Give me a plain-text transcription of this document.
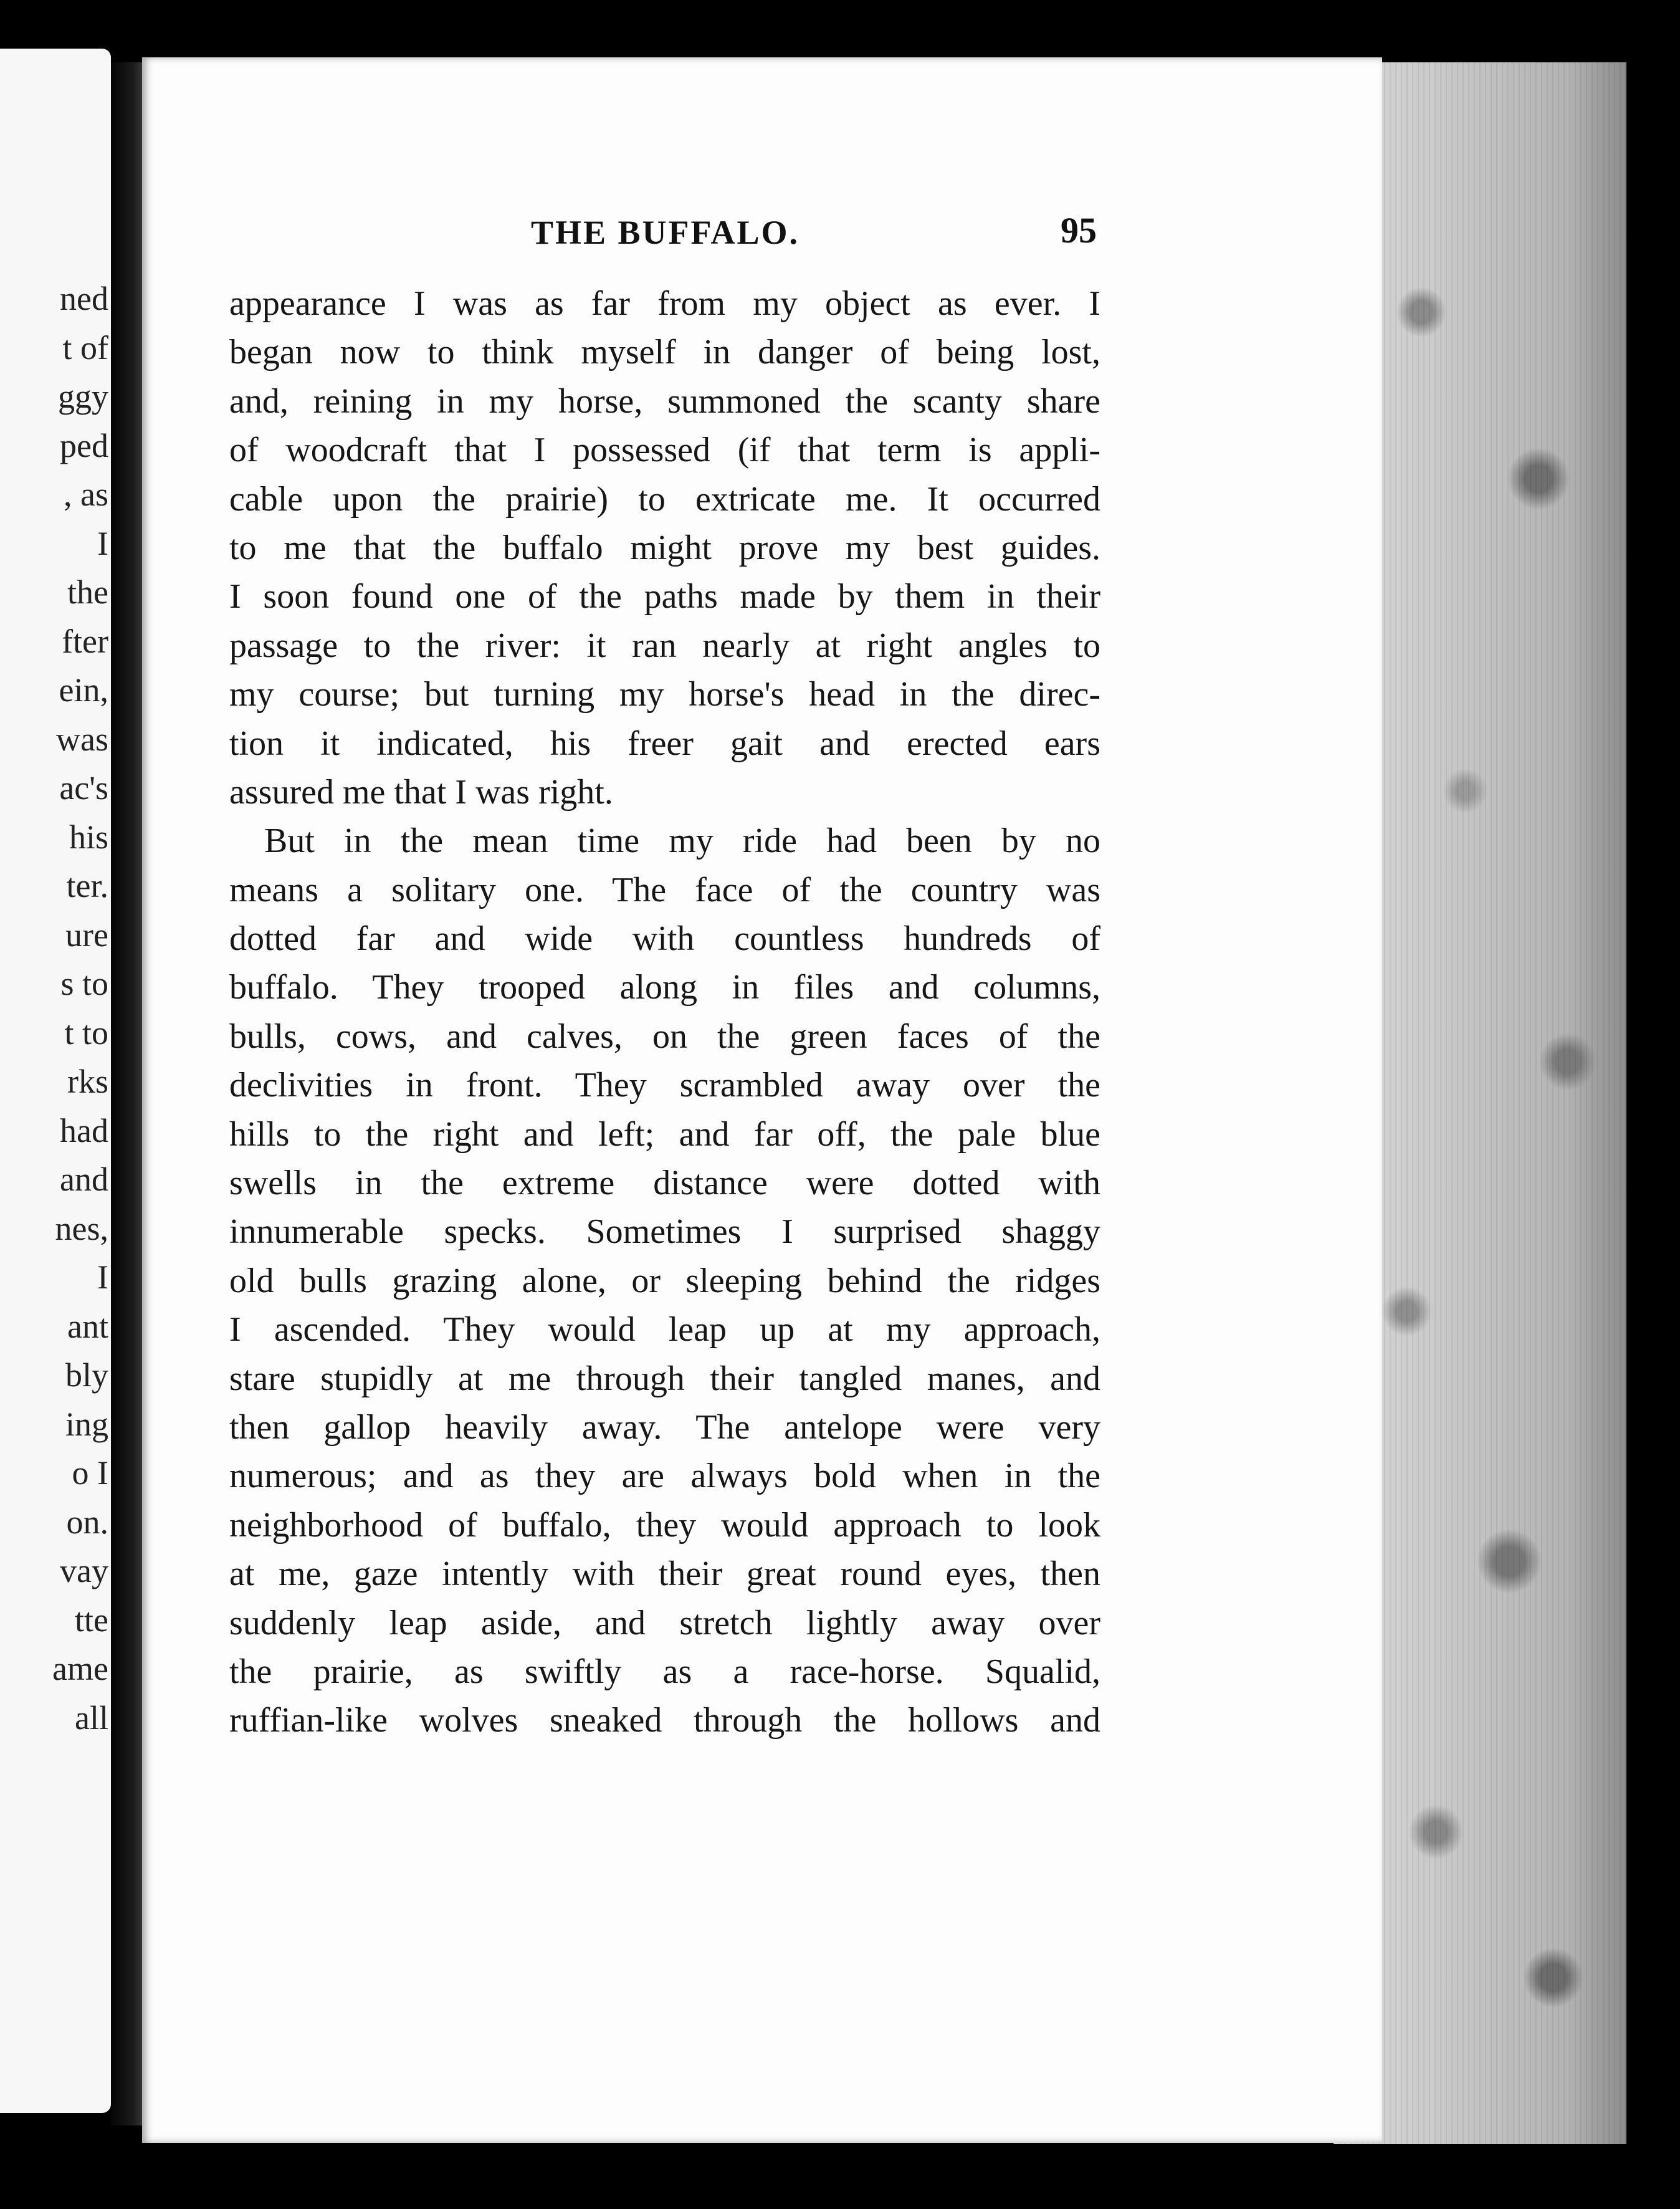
ned
t of
ggy
ped
, as
I
the
fter
ein,
was
ac's
his
ter.
ure
s to
t to
rks
had
and
nes,
I
ant
bly
ing
o I
on.
vay
tte
ame
all
THE BUFFALO.	95
appearance I was as far from my object as ever. I
began now to think myself in danger of being lost,
and, reining in my horse, summoned the scanty share
of woodcraft that I possessed (if that term is appli-
cable upon the prairie) to extricate me. It occurred
to me that the buffalo might prove my best guides.
I soon found one of the paths made by them in their
passage to the river: it ran nearly at right angles to
my course; but turning my horse's head in the direc-
tion it indicated, his freer gait and erected ears
assured me that I was right.
But in the mean time my ride had been by no
means a solitary one. The face of the country was
dotted far and wide with countless hundreds of
buffalo. They trooped along in files and columns,
bulls, cows, and calves, on the green faces of the
declivities in front. They scrambled away over the
hills to the right and left; and far off, the pale blue
swells in the extreme distance were dotted with
innumerable specks. Sometimes I surprised shaggy
old bulls grazing alone, or sleeping behind the ridges
I ascended. They would leap up at my approach,
stare stupidly at me through their tangled manes, and
then gallop heavily away. The antelope were very
numerous; and as they are always bold when in the
neighborhood of buffalo, they would approach to look
at me, gaze intently with their great round eyes, then
suddenly leap aside, and stretch lightly away over
the prairie, as swiftly as a race-horse. Squalid,
ruffian-like wolves sneaked through the hollows and
